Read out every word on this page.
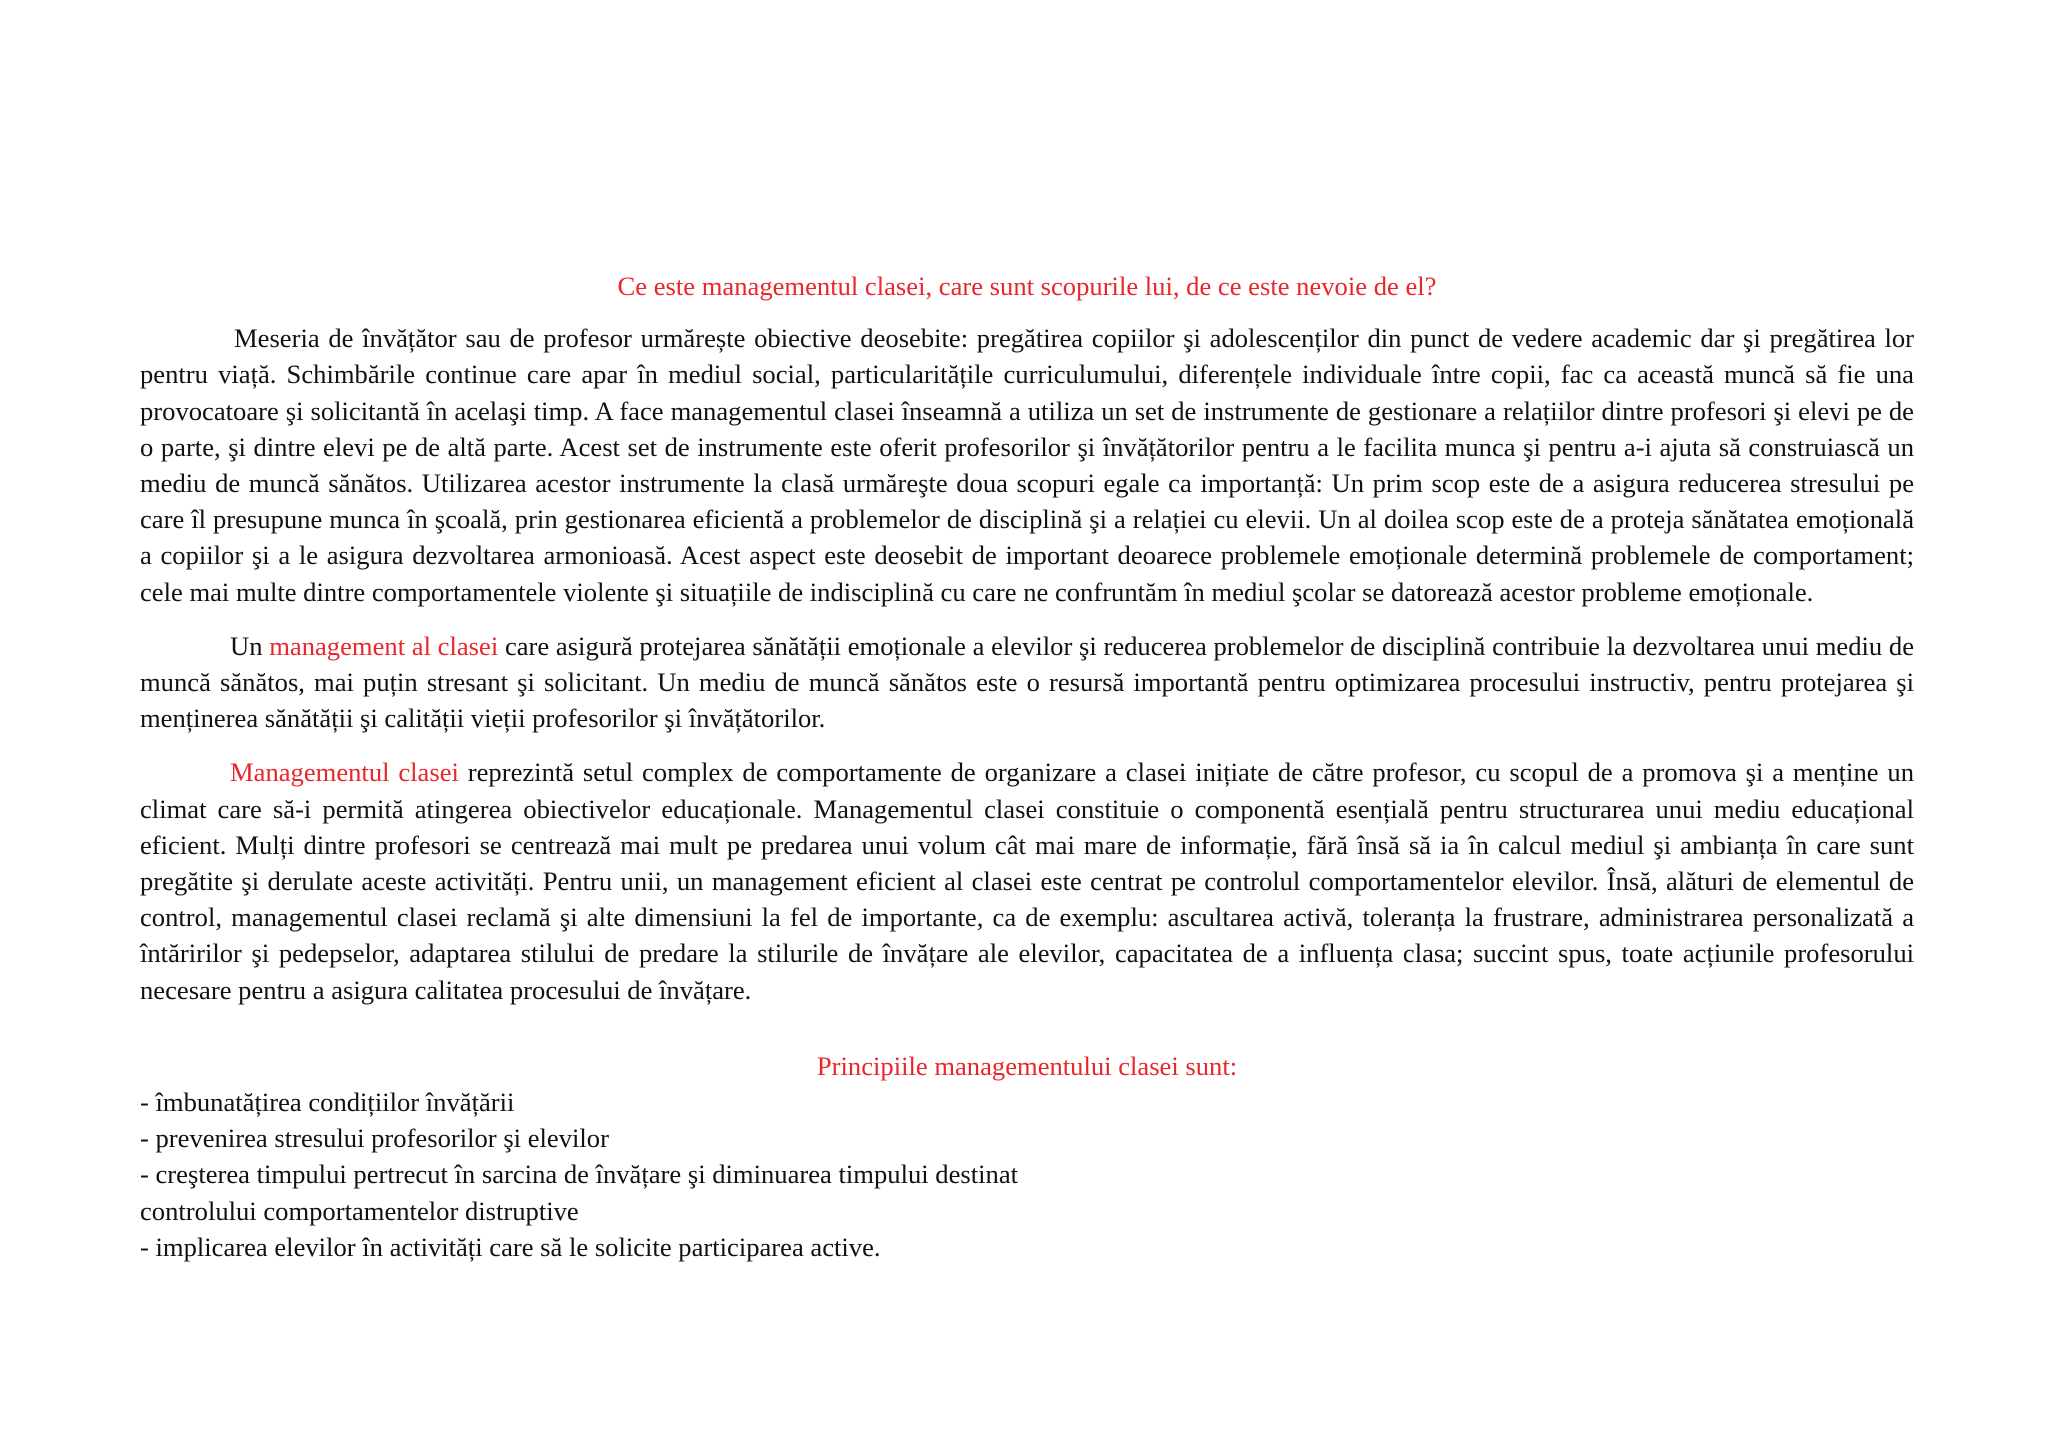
Ce este managementul clasei, care sunt scopurile lui, de ce este nevoie de el?

Meseria de învățător sau de profesor urmărește obiective deosebite: pregătirea copiilor şi adolescenților din punct de vedere academic dar şi pregătirea lor pentru viață. Schimbările continue care apar în mediul social, particularitățile curriculumului, diferențele individuale între copii, fac ca această muncă să fie una provocatoare şi solicitantă în acelaşi timp. A face managementul clasei înseamnă a utiliza un set de instrumente de gestionare a relațiilor dintre profesori şi elevi pe de o parte, şi dintre elevi pe de altă parte. Acest set de instrumente este oferit profesorilor şi învățătorilor pentru a le facilita munca şi pentru a-i ajuta să construiască un mediu de muncă sănătos. Utilizarea acestor instrumente la clasă urmăreşte doua scopuri egale ca importanță: Un prim scop este de a asigura reducerea stresului pe care îl presupune munca în şcoală, prin gestionarea eficientă a problemelor de disciplină şi a relației cu elevii. Un al doilea scop este de a proteja sănătatea emoțională a copiilor şi a le asigura dezvoltarea armonioasă. Acest aspect este deosebit de important deoarece problemele emoționale determină problemele de comportament; cele mai multe dintre comportamentele violente şi situațiile de indisciplină cu care ne confruntăm în mediul şcolar se datorează acestor probleme emoționale.

Un management al clasei care asigură protejarea sănătății emoționale a elevilor şi reducerea problemelor de disciplină contribuie la dezvoltarea unui mediu de muncă sănătos, mai puțin stresant şi solicitant. Un mediu de muncă sănătos este o resursă importantă pentru optimizarea procesului instructiv, pentru protejarea şi menținerea sănătății şi calității vieții profesorilor şi învățătorilor.

Managementul clasei reprezintă setul complex de comportamente de organizare a clasei inițiate de către profesor, cu scopul de a promova şi a menține un climat care să-i permită atingerea obiectivelor educaționale. Managementul clasei constituie o componentă esențială pentru structurarea unui mediu educațional eficient. Mulți dintre profesori se centrează mai mult pe predarea unui volum cât mai mare de informație, fără însă să ia în calcul mediul şi ambianța în care sunt pregătite şi derulate aceste activități. Pentru unii, un management eficient al clasei este centrat pe controlul comportamentelor elevilor. Însă, alături de elementul de control, managementul clasei reclamă şi alte dimensiuni la fel de importante, ca de exemplu: ascultarea activă, toleranța la frustrare, administrarea personalizată a întăririlor şi pedepselor, adaptarea stilului de predare la stilurile de învățare ale elevilor, capacitatea de a influența clasa; succint spus, toate acțiunile profesorului necesare pentru a asigura calitatea procesului de învățare.

Principiile managementului clasei sunt:
- îmbunatățirea condițiilor învățării
- prevenirea stresului profesorilor şi elevilor
- creşterea timpului pertrecut în sarcina de învățare şi diminuarea timpului destinat controlului comportamentelor distruptive
- implicarea elevilor în activități care să le solicite participarea active.
